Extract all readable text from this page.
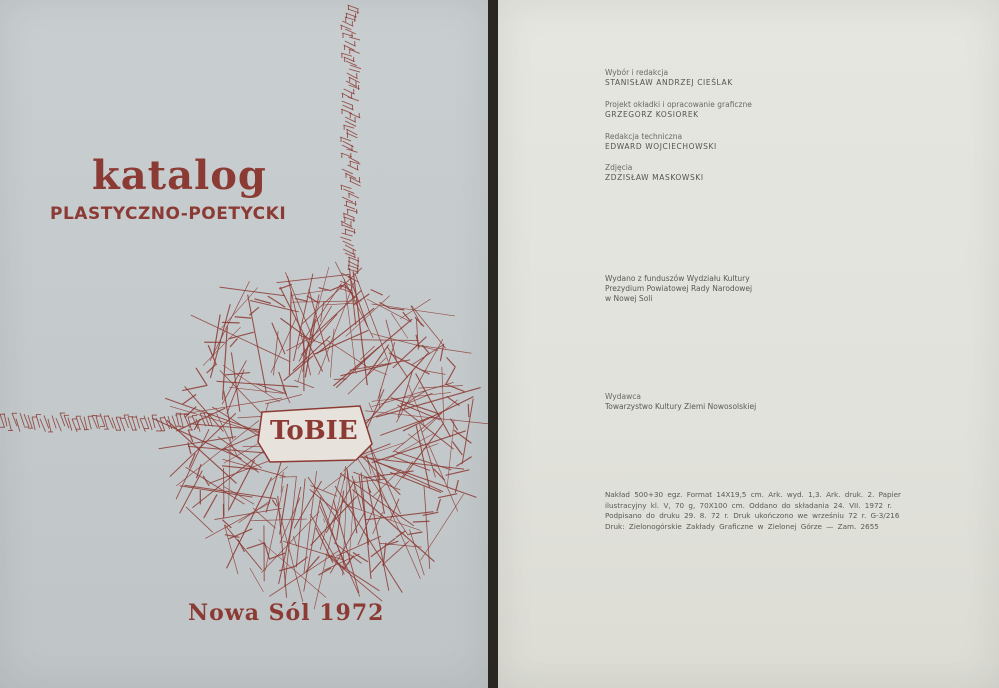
katalog
PLASTYCZNO-POETYCKI
ToBIE
Nowa Sól 1972
Wybór i redakcja
STANISŁAW ANDRZEJ CIEŚLAK
Projekt okładki i opracowanie graficzne
GRZEGORZ KOSIOREK
Redakcja techniczna
EDWARD WOJCIECHOWSKI
Zdjęcia
ZDZISŁAW MASKOWSKI
Wydano z funduszów Wydziału Kultury
Prezydium Powiatowej Rady Narodowej
w Nowej Soli
Wydawca
Towarzystwo Kultury Ziemi Nowosolskiej
Nakład 500+30 egz. Format 14X19,5 cm. Ark. wyd. 1,3. Ark. druk. 2. Papier
ilustracyjny kl. V, 70 g, 70X100 cm. Oddano do składania 24. VII. 1972 r.
Podpisano do druku 29. 8. 72 r. Druk ukończono we wrześniu 72 r. G-3/216
Druk: Zielonogórskie Zakłady Graficzne w Zielonej Górze — Zam. 2655
